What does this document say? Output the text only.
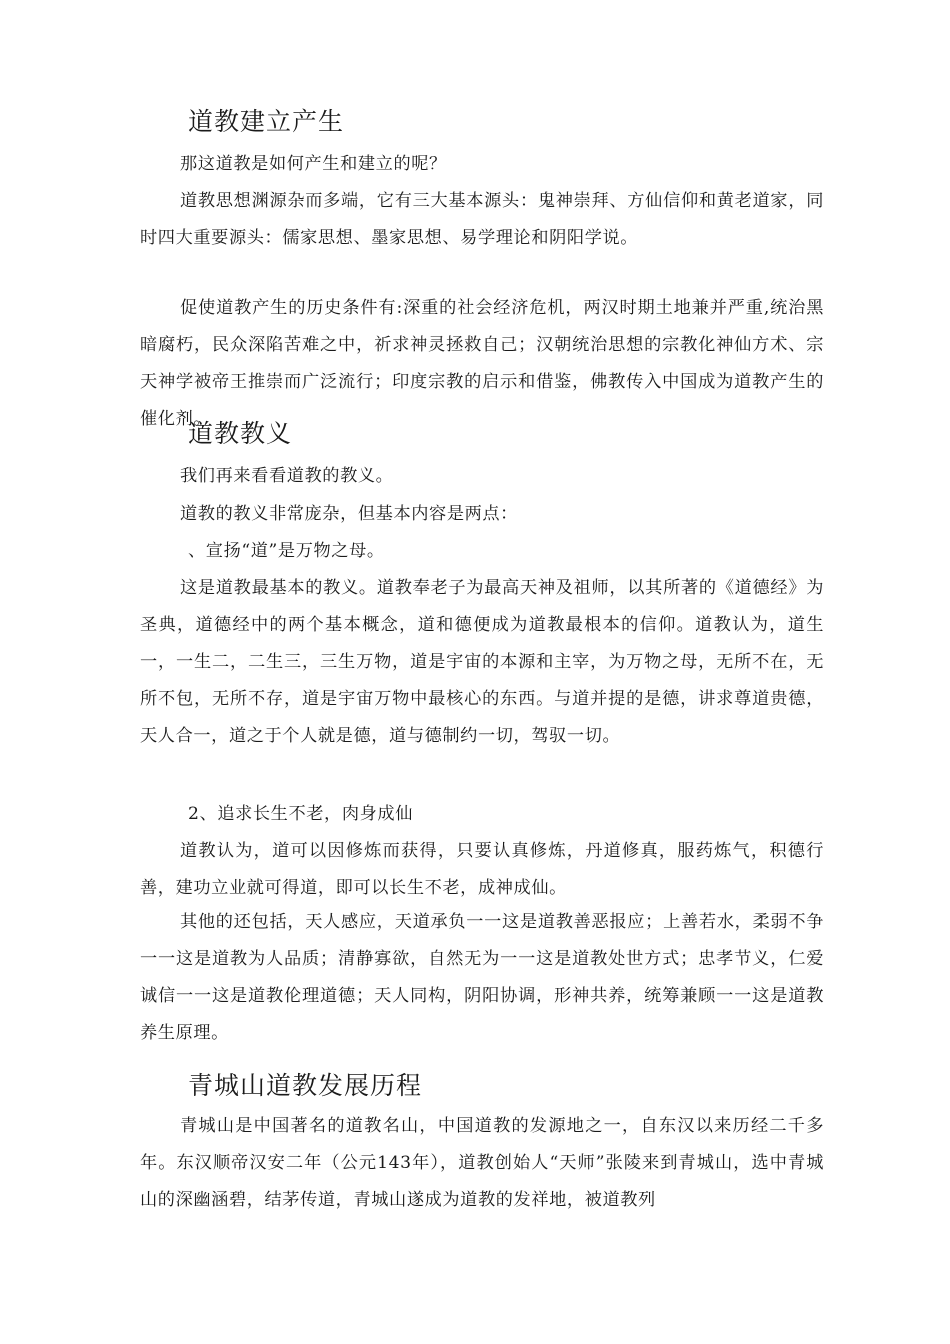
道教建立产生

那这道教是如何产生和建立的呢？

道教思想渊源杂而多端，它有三大基本源头：鬼神崇拜、方仙信仰和黄老道家，同时四大重要源头：儒家思想、墨家思想、易学理论和阴阳学说。

促使道教产生的历史条件有:深重的社会经济危机，两汉时期土地兼并严重,统治黑暗腐朽，民众深陷苦难之中，祈求神灵拯救自己；汉朝统治思想的宗教化神仙方术、宗天神学被帝王推崇而广泛流行；印度宗教的启示和借鉴，佛教传入中国成为道教产生的催化剂。

道教教义

我们再来看看道教的教义。

道教的教义非常庞杂，但基本内容是两点：

、宣扬“道”是万物之母。

这是道教最基本的教义。道教奉老子为最高天神及祖师，以其所著的《道德经》为圣典，道德经中的两个基本概念，道和德便成为道教最根本的信仰。道教认为，道生一，一生二，二生三，三生万物，道是宇宙的本源和主宰，为万物之母，无所不在，无所不包，无所不存，道是宇宙万物中最核心的东西。与道并提的是德，讲求尊道贵德，天人合一，道之于个人就是德，道与德制约一切，驾驭一切。

2、追求长生不老，肉身成仙

道教认为，道可以因修炼而获得，只要认真修炼，丹道修真，服药炼气，积德行善，建功立业就可得道，即可以长生不老，成神成仙。

其他的还包括，天人感应，天道承负一一这是道教善恶报应；上善若水，柔弱不争一一这是道教为人品质；清静寡欲，自然无为一一这是道教处世方式；忠孝节义，仁爱诚信一一这是道教伦理道德；天人同构，阴阳协调，形神共养，统筹兼顾一一这是道教养生原理。

青城山道教发展历程

青城山是中国著名的道教名山，中国道教的发源地之一，自东汉以来历经二千多年。东汉顺帝汉安二年（公元143年），道教创始人“天师”张陵来到青城山，选中青城山的深幽涵碧，结茅传道，青城山遂成为道教的发祥地，被道教列
